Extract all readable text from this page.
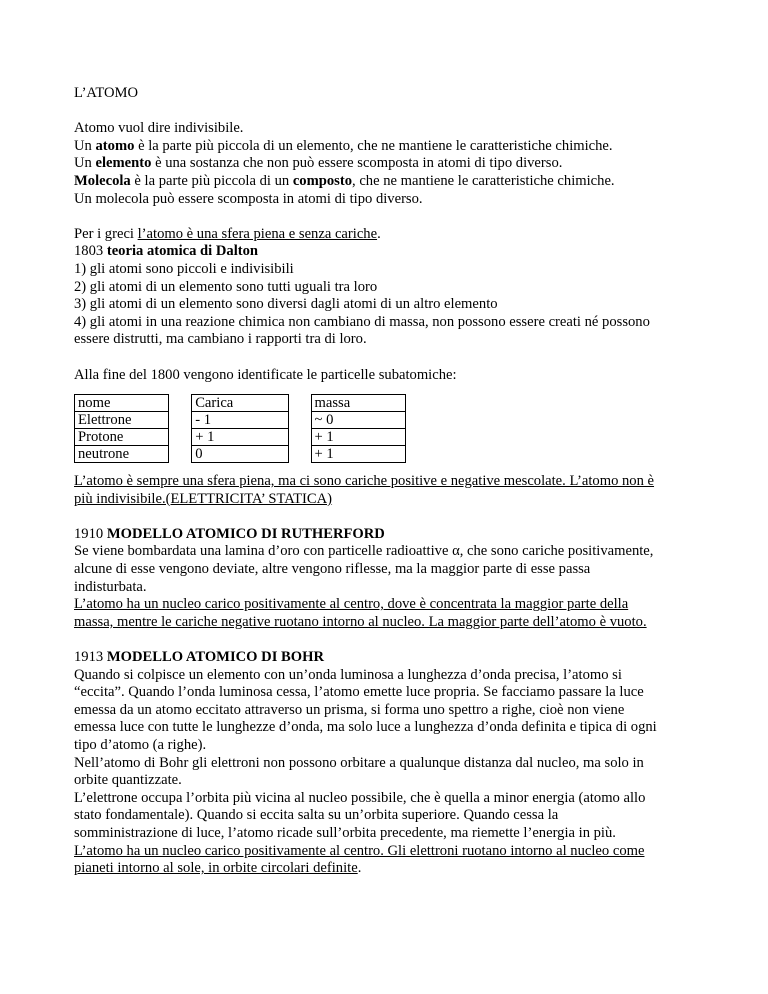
L’ATOMO
Atomo vuol dire indivisibile.
Un atomo è la parte più piccola di un elemento, che ne mantiene le caratteristiche chimiche.
Un elemento è una sostanza che non può essere scomposta in atomi di tipo diverso.
Molecola è la parte più piccola di un composto, che ne mantiene le caratteristiche chimiche.
Un molecola può essere scomposta in atomi di tipo diverso.
Per i greci l’atomo è una sfera piena e senza cariche.
1803 teoria atomica di Dalton
1) gli atomi sono piccoli e indivisibili
2) gli atomi di un elemento sono tutti uguali tra loro
3) gli atomi di un elemento sono diversi dagli atomi di un altro elemento
4) gli atomi in una reazione chimica non cambiano di massa, non possono essere creati né possono
essere distrutti, ma cambiano i rapporti tra di loro.
Alla fine del 1800 vengono identificate le particelle subatomiche:
nome		Carica		massa
Elettrone		- 1		~ 0
Protone		+ 1		+ 1
neutrone		0		+ 1
L’atomo è sempre una sfera piena, ma ci sono cariche positive e negative mescolate. L’atomo non è
più indivisibile.(ELETTRICITA’ STATICA)
1910 MODELLO ATOMICO DI RUTHERFORD
Se viene bombardata una lamina d’oro con particelle radioattive α, che sono cariche positivamente,
alcune di esse vengono deviate, altre vengono riflesse, ma la maggior parte di esse passa
indisturbata.
L’atomo ha un nucleo carico positivamente al centro, dove è concentrata la maggior parte della
massa, mentre le cariche negative ruotano intorno al nucleo. La maggior parte dell’atomo è vuoto.
1913 MODELLO ATOMICO DI BOHR
Quando si colpisce un elemento con un’onda luminosa a lunghezza d’onda precisa, l’atomo si
“eccita”. Quando l’onda luminosa cessa, l’atomo emette luce propria. Se facciamo passare la luce
emessa da un atomo eccitato attraverso un prisma, si forma uno spettro a righe, cioè non viene
emessa luce con tutte le lunghezze d’onda, ma solo luce a lunghezza d’onda definita e tipica di ogni
tipo d’atomo (a righe).
Nell’atomo di Bohr gli elettroni non possono orbitare a qualunque distanza dal nucleo, ma solo in
orbite quantizzate.
L’elettrone occupa l’orbita più vicina al nucleo possibile, che è quella a minor energia (atomo allo
stato fondamentale). Quando si eccita salta su un’orbita superiore. Quando cessa la
somministrazione di luce, l’atomo ricade sull’orbita precedente, ma riemette l’energia in più.
L’atomo ha un nucleo carico positivamente al centro. Gli elettroni ruotano intorno al nucleo come
pianeti intorno al sole, in orbite circolari definite.
